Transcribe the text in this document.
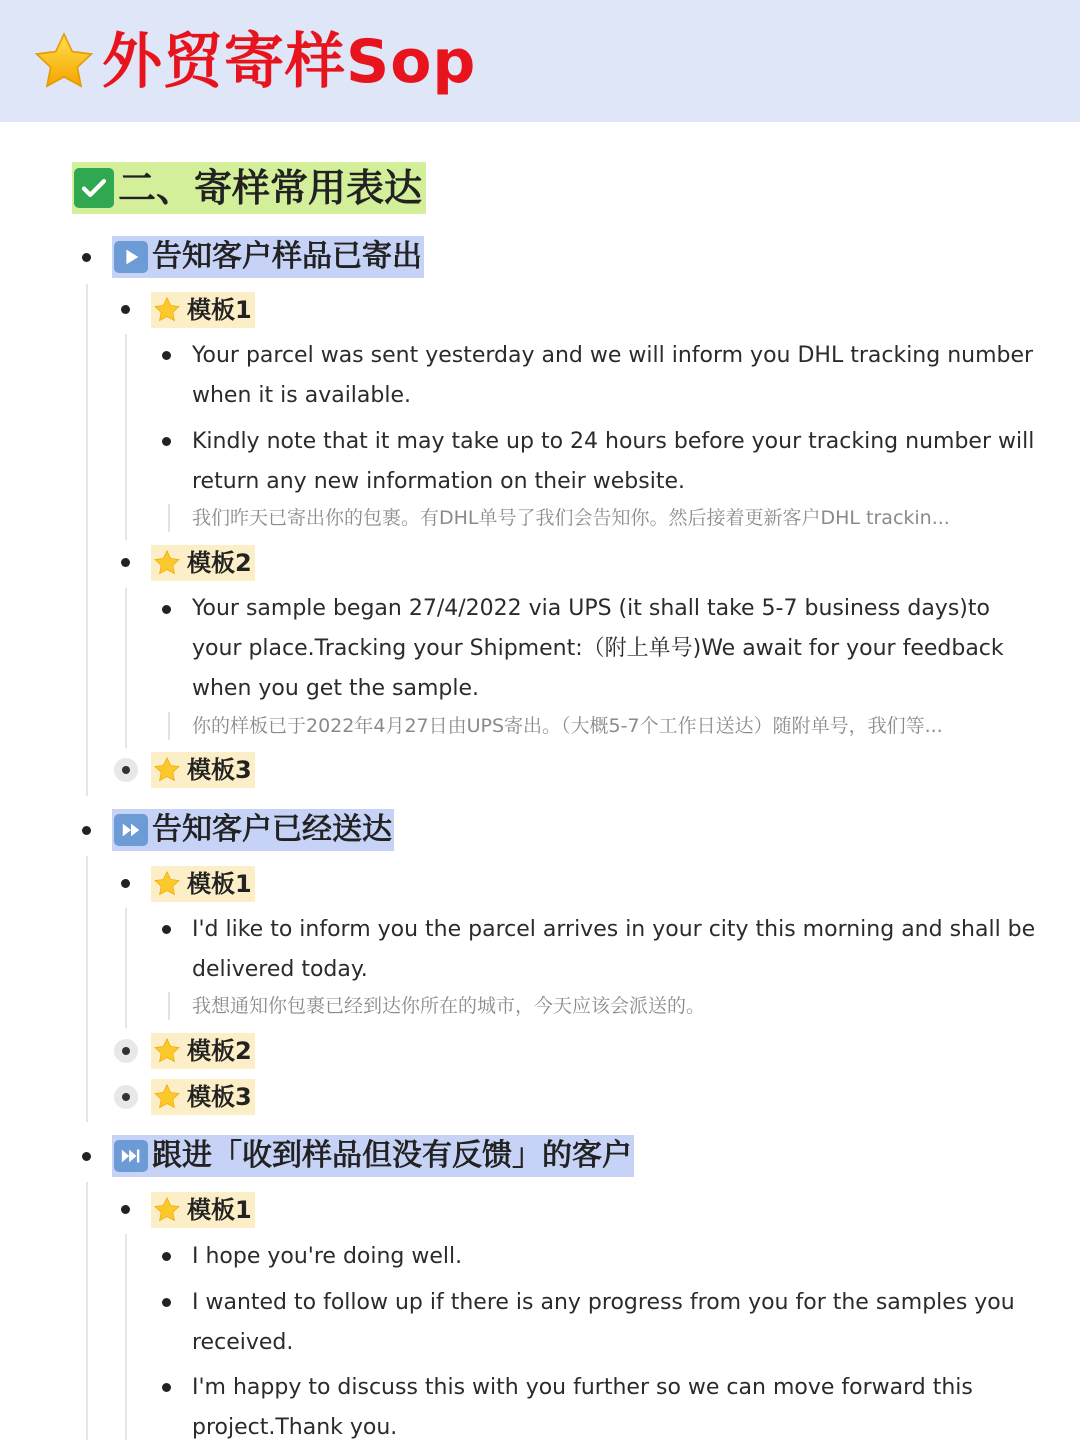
外贸寄样Sop
二、寄样常用表达
告知客户样品已寄出
模板1
Your parcel was sent yesterday and we will inform you DHL tracking number when it is available.
Kindly note that it may take up to 24 hours before your tracking number will return any new information on their website.
我们昨天已寄出你的包裹。有DHL单号了我们会告知你。然后接着更新客户DHL trackin...
模板2
Your sample began 27/4/2022 via UPS (it shall take 5-7 business days)to your place.Tracking your Shipment:（附上单号)We await for your feedback when you get the sample.
你的样板已于2022年4月27日由UPS寄出。（大概5-7个工作日送达）随附单号，我们等...
模板3
告知客户已经送达
模板1
I'd like to inform you the parcel arrives in your city this morning and shall be delivered today.
我想通知你包裹已经到达你所在的城市，今天应该会派送的。
模板2
模板3
跟进「收到样品但没有反馈」的客户
模板1
I hope you're doing well.
I wanted to follow up if there is any progress from you for the samples you received.
I'm happy to discuss this with you further so we can move forward this project.Thank you.
